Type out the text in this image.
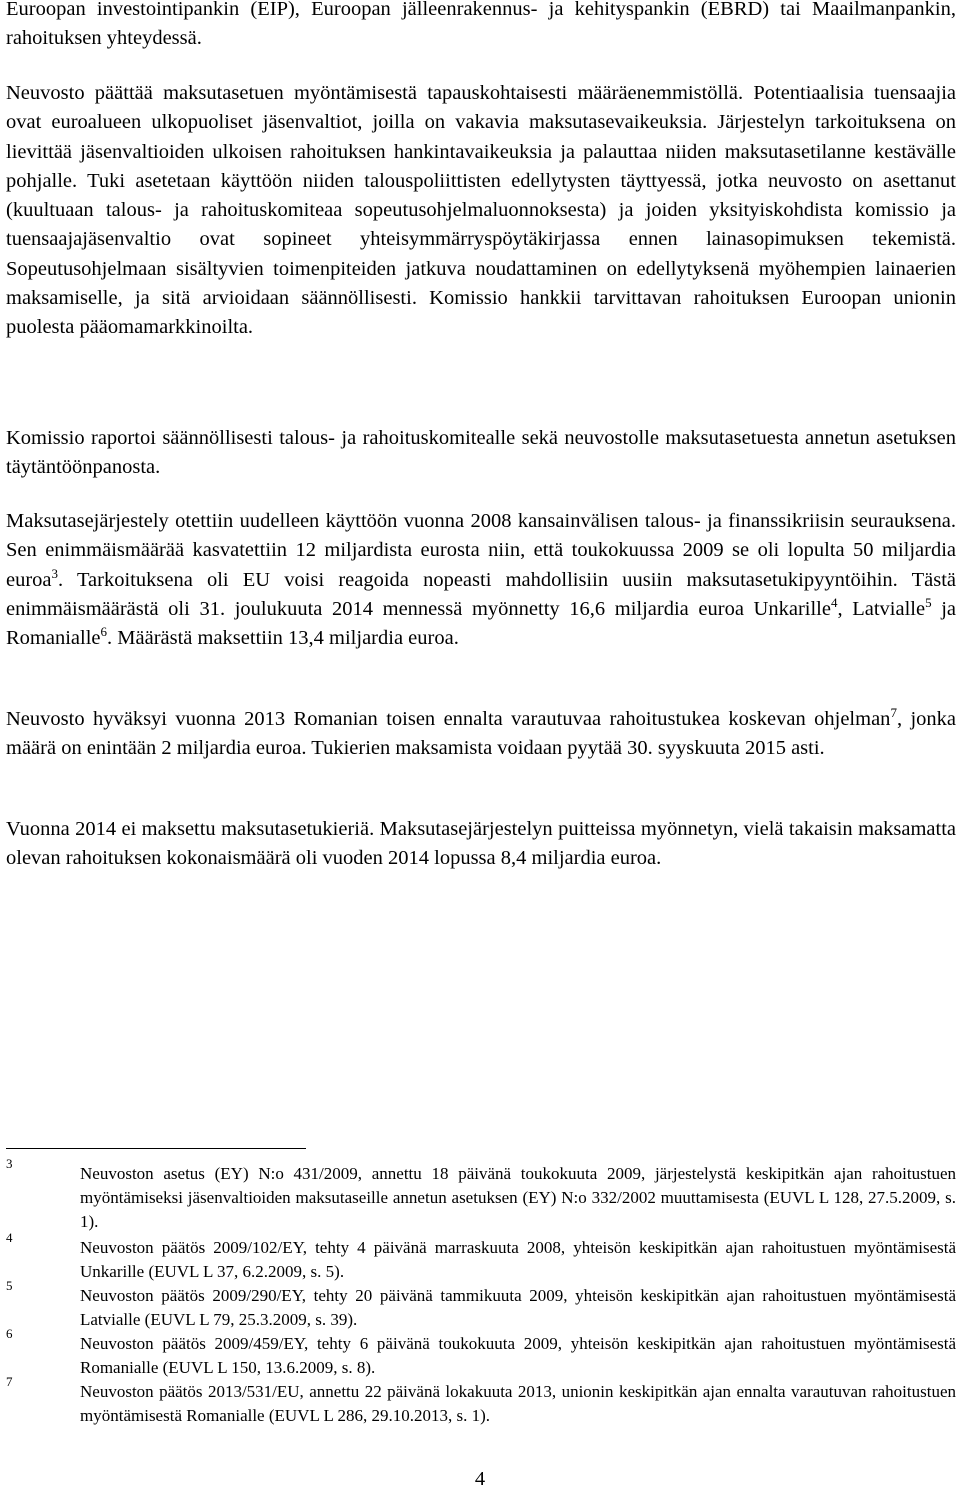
Euroopan investointipankin (EIP), Euroopan jälleenrakennus- ja kehityspankin (EBRD) tai Maailmanpankin, rahoituksen yhteydessä.

Neuvosto päättää maksutasetuen myöntämisestä tapauskohtaisesti määräenemmistöllä. Potentiaalisia tuensaajia ovat euroalueen ulkopuoliset jäsenvaltiot, joilla on vakavia maksutasevaikeuksia. Järjestelyn tarkoituksena on lievittää jäsenvaltioiden ulkoisen rahoituksen hankintavaikeuksia ja palauttaa niiden maksutasetilanne kestävälle pohjalle. Tuki asetetaan käyttöön niiden talouspoliittisten edellytysten täyttyessä, jotka neuvosto on asettanut (kuultuaan talous- ja rahoituskomiteaa sopeutusohjelmaluonnoksesta) ja joiden yksityiskohdista komissio ja tuensaajajäsenvaltio ovat sopineet yhteisymmärryspöytäkirjassa ennen lainasopimuksen tekemistä. Sopeutusohjelmaan sisältyvien toimenpiteiden jatkuva noudattaminen on edellytyksenä myöhempien lainaerien maksamiselle, ja sitä arvioidaan säännöllisesti. Komissio hankkii tarvittavan rahoituksen Euroopan unionin puolesta pääomamarkkinoilta.

Komissio raportoi säännöllisesti talous- ja rahoituskomitealle sekä neuvostolle maksutasetuesta annetun asetuksen täytäntöönpanosta.

Maksutasejärjestely otettiin uudelleen käyttöön vuonna 2008 kansainvälisen talous- ja finanssikriisin seurauksena. Sen enimmäismäärää kasvatettiin 12 miljardista eurosta niin, että toukokuussa 2009 se oli lopulta 50 miljardia euroa$^3$. Tarkoituksena oli EU voisi reagoida nopeasti mahdollisiin uusiin maksutasetukipyyntöihin. Tästä enimmäismäärästä oli 31. joulukuuta 2014 mennessä myönnetty 16,6 miljardia euroa Unkarille$^4$, Latvialle$^5$ ja Romanialle$^6$. Määrästä maksettiin 13,4 miljardia euroa.

Neuvosto hyväksyi vuonna 2013 Romanian toisen ennalta varautuvaa rahoitustukea koskevan ohjelman$^7$, jonka määrä on enintään 2 miljardia euroa. Tukierien maksamista voidaan pyytää 30. syyskuuta 2015 asti.

Vuonna 2014 ei maksettu maksutasetukieriä. Maksutasejärjestelyn puitteissa myönnetyn, vielä takaisin maksamatta olevan rahoituksen kokonaismäärä oli vuoden 2014 lopussa 8,4 miljardia euroa.

3

Neuvoston asetus (EY) N:o 431/2009, annettu 18 päivänä toukokuuta 2009, järjestelystä keskipitkän ajan rahoitustuen myöntämiseksi jäsenvaltioiden maksutaseille annetun asetuksen (EY) N:o 332/2002 muuttamisesta (EUVL L 128, 27.5.2009, s. 1).

4

Neuvoston päätös 2009/102/EY, tehty 4 päivänä marraskuuta 2008, yhteisön keskipitkän ajan rahoitustuen myöntämisestä Unkarille (EUVL L 37, 6.2.2009, s. 5).

5

Neuvoston päätös 2009/290/EY, tehty 20 päivänä tammikuuta 2009, yhteisön keskipitkän ajan rahoitustuen myöntämisestä Latvialle (EUVL L 79, 25.3.2009, s. 39).

6

Neuvoston päätös 2009/459/EY, tehty 6 päivänä toukokuuta 2009, yhteisön keskipitkän ajan rahoitustuen myöntämisestä Romanialle (EUVL L 150, 13.6.2009, s. 8).

7

Neuvoston päätös 2013/531/EU, annettu 22 päivänä lokakuuta 2013, unionin keskipitkän ajan ennalta varautuvan rahoitustuen myöntämisestä Romanialle (EUVL L 286, 29.10.2013, s. 1).

4
